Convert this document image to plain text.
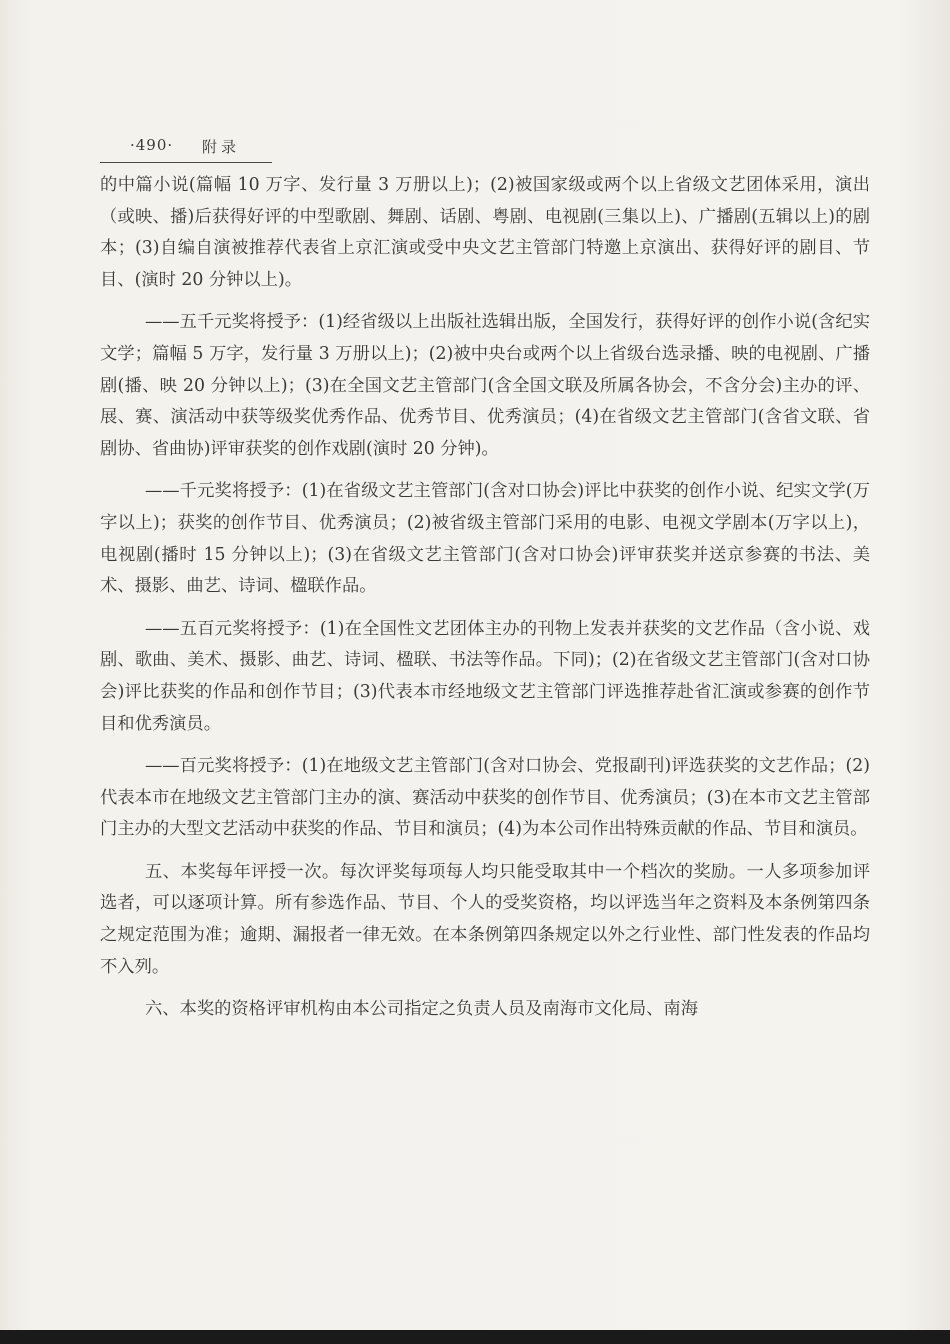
·490· 附录

的中篇小说(篇幅 10 万字、发行量 3 万册以上)；(2)被国家级或两个以上省级文艺团体采用，演出（或映、播)后获得好评的中型歌剧、舞剧、话剧、粤剧、电视剧(三集以上)、广播剧(五辑以上)的剧本；(3)自编自演被推荐代表省上京汇演或受中央文艺主管部门特邀上京演出、获得好评的剧目、节目、(演时 20 分钟以上)。

——五千元奖将授予：(1)经省级以上出版社选辑出版，全国发行，获得好评的创作小说(含纪实文学；篇幅 5 万字，发行量 3 万册以上)；(2)被中央台或两个以上省级台选录播、映的电视剧、广播剧(播、映 20 分钟以上)；(3)在全国文艺主管部门(含全国文联及所属各协会，不含分会)主办的评、展、赛、演活动中获等级奖优秀作品、优秀节目、优秀演员；(4)在省级文艺主管部门(含省文联、省剧协、省曲协)评审获奖的创作戏剧(演时 20 分钟)。

——千元奖将授予：(1)在省级文艺主管部门(含对口协会)评比中获奖的创作小说、纪实文学(万字以上)；获奖的创作节目、优秀演员；(2)被省级主管部门采用的电影、电视文学剧本(万字以上)，电视剧(播时 15 分钟以上)；(3)在省级文艺主管部门(含对口协会)评审获奖并送京参赛的书法、美术、摄影、曲艺、诗词、楹联作品。

——五百元奖将授予：(1)在全国性文艺团体主办的刊物上发表并获奖的文艺作品（含小说、戏剧、歌曲、美术、摄影、曲艺、诗词、楹联、书法等作品。下同)；(2)在省级文艺主管部门(含对口协会)评比获奖的作品和创作节目；(3)代表本市经地级文艺主管部门评选推荐赴省汇演或参赛的创作节目和优秀演员。

——百元奖将授予：(1)在地级文艺主管部门(含对口协会、党报副刊)评选获奖的文艺作品；(2)代表本市在地级文艺主管部门主办的演、赛活动中获奖的创作节目、优秀演员；(3)在本市文艺主管部门主办的大型文艺活动中获奖的作品、节目和演员；(4)为本公司作出特殊贡献的作品、节目和演员。

五、本奖每年评授一次。每次评奖每项每人均只能受取其中一个档次的奖励。一人多项参加评选者，可以逐项计算。所有参选作品、节目、个人的受奖资格，均以评选当年之资料及本条例第四条之规定范围为准；逾期、漏报者一律无效。在本条例第四条规定以外之行业性、部门性发表的作品均不入列。

六、本奖的资格评审机构由本公司指定之负责人员及南海市文化局、南海
